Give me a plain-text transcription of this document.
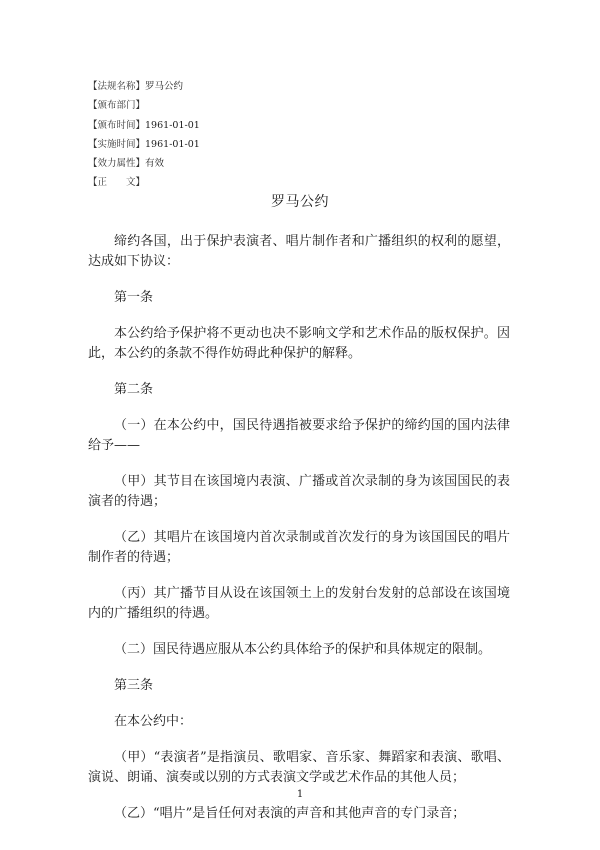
【法规名称】罗马公约
【颁布部门】
【颁布时间】1961-01-01
【实施时间】1961-01-01
【效力属性】有效
【正　　文】
罗马公约

缔约各国，出于保护表演者、唱片制作者和广播组织的权利的愿望，达成如下协议：

第一条

本公约给予保护将不更动也决不影响文学和艺术作品的版权保护。因此，本公约的条款不得作妨碍此种保护的解释。

第二条

（一）在本公约中，国民待遇指被要求给予保护的缔约国的国内法律给予——

（甲）其节目在该国境内表演、广播或首次录制的身为该国国民的表演者的待遇；

（乙）其唱片在该国境内首次录制或首次发行的身为该国国民的唱片制作者的待遇；

（丙）其广播节目从设在该国领土上的发射台发射的总部设在该国境内的广播组织的待遇。

（二）国民待遇应服从本公约具体给予的保护和具体规定的限制。

第三条

在本公约中：

（甲）“表演者”是指演员、歌唱家、音乐家、舞蹈家和表演、歌唱、演说、朗诵、演奏或以别的方式表演文学或艺术作品的其他人员；

（乙）“唱片”是旨任何对表演的声音和其他声音的专门录音；

1
